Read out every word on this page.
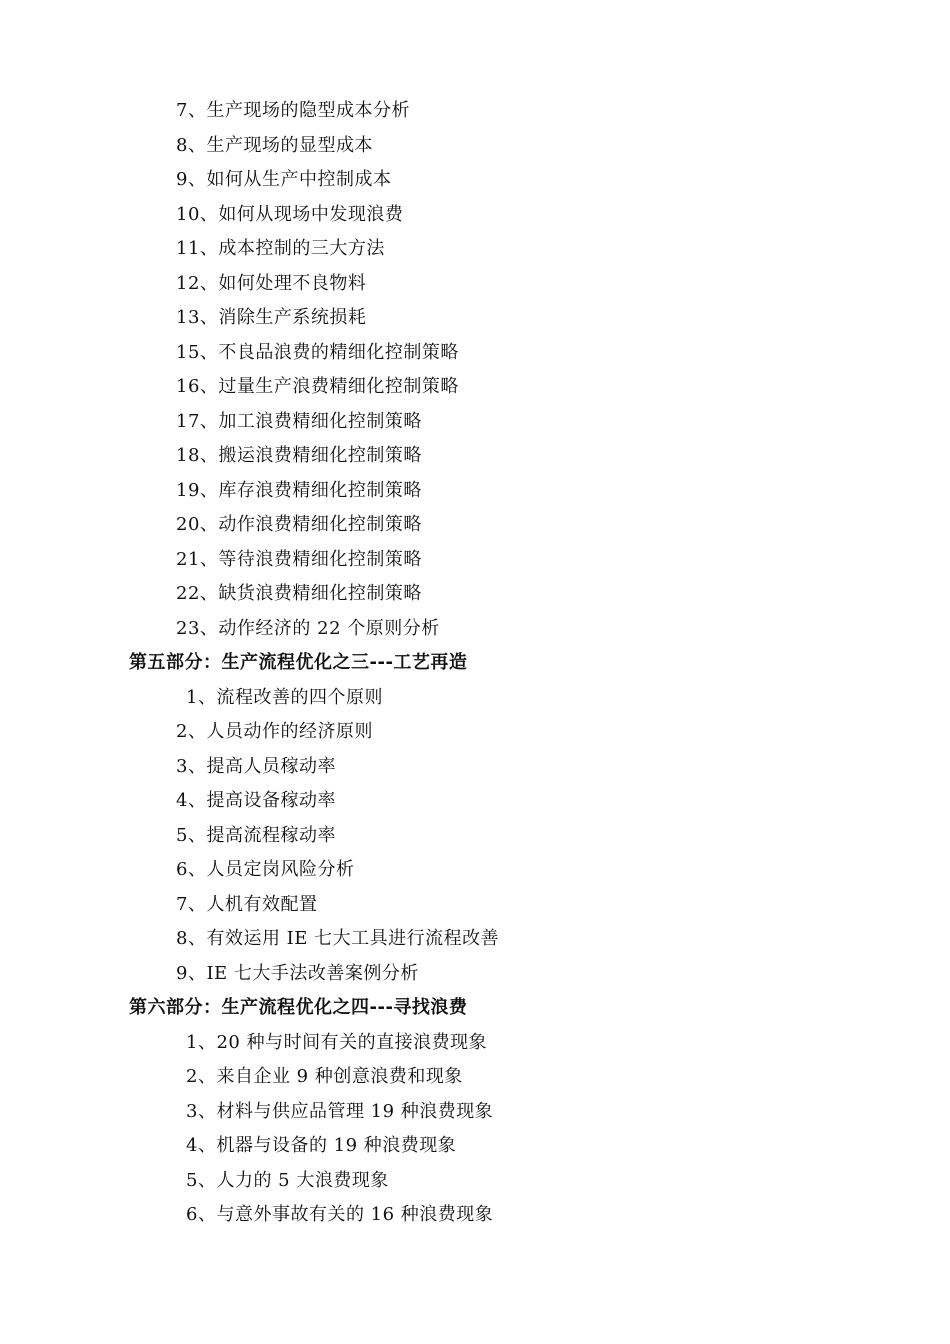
7、生产现场的隐型成本分析
8、生产现场的显型成本
9、如何从生产中控制成本
10、如何从现场中发现浪费
11、成本控制的三大方法
12、如何处理不良物料
13、消除生产系统损耗
15、不良品浪费的精细化控制策略
16、过量生产浪费精细化控制策略
17、加工浪费精细化控制策略
18、搬运浪费精细化控制策略
19、库存浪费精细化控制策略
20、动作浪费精细化控制策略
21、等待浪费精细化控制策略
22、缺货浪费精细化控制策略
23、动作经济的 22 个原则分析
第五部分：生产流程优化之三---工艺再造
1、流程改善的四个原则
2、人员动作的经济原则
3、提高人员稼动率
4、提高设备稼动率
5、提高流程稼动率
6、人员定岗风险分析
7、人机有效配置
8、有效运用 IE 七大工具进行流程改善
9、IE 七大手法改善案例分析
第六部分：生产流程优化之四---寻找浪费
1、20 种与时间有关的直接浪费现象
2、来自企业 9 种创意浪费和现象
3、材料与供应品管理 19 种浪费现象
4、机器与设备的 19 种浪费现象
5、人力的 5 大浪费现象
6、与意外事故有关的 16 种浪费现象
